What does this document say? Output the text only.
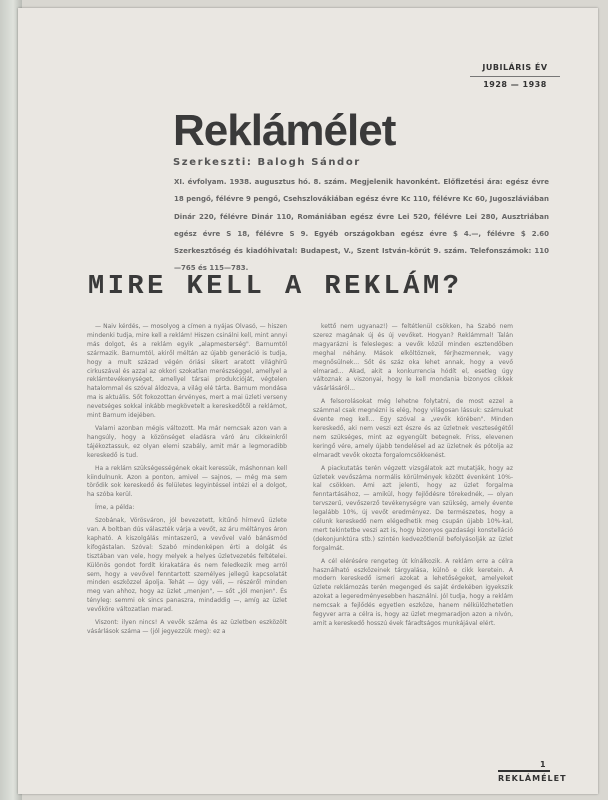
JUBILÁRIS ÉV
1928 — 1938
Reklámélet
Szerkeszti: Balogh Sándor
XI. évfolyam. 1938. augusztus hó. 8. szám. Megjelenik havonként. Előfizetési ára: egész évre 18 pengő, félévre 9 pengő, Csehszlovákiában egész évre Kc 110, félévre Kc 60, Jugoszláviában Dinár 220, félévre Dinár 110, Romániában egész évre Lei 520, félévre Lei 280, Ausztriában egész évre S 18, félévre S 9. Egyéb országokban egész évre $ 4.—, félévre $ 2.60 Szerkesztőség és kiadóhivatal: Budapest, V., Szent István-körút 9. szám. Telefonszámok: 110—765 és 115—783.
MIRE KELL A REKLÁM?

— Naiv kérdés, — mosolyog a címen a nyájas Olvasó, — hiszen mindenki tudja, mire kell a reklám! Hiszen csinálni kell, mint annyi más dolgot, és a reklám egyik „alapmesterség". Barnumtól származik. Barnumtól, akiről méltán az újabb generáció is tudja, hogy a mult század végén óriási sikert aratott világhírű cirkuszával és azzal az okkori szokatlan merészséggel, amellyel a reklámtevékenységet, amellyel társai produkcióját, végtelen hatalommal és szóval áldozva, a világ elé tárta. Barnum mondása ma is aktuális. Sőt fokozottan érvényes, mert a mai üzleti verseny nevetséges sokkal inkább megkövetelt a kereskedőtől a reklámot, mint Barnum idejében.

Valami azonban mégis változott. Ma már nemcsak azon van a hangsúly, hogy a közönséget eladásra váró áru cikkeinkről tájékoztassuk, ez olyan elemi szabály, amit már a legmoradibb kereskedő is tud.

Ha a reklám szükségességének okait keressük, máshonnan kell kiindulnunk. Azon a ponton, amivel — sajnos, — még ma sem törődik sok kereskedő és felületes legyintéssel intézi el a dolgot, ha szóba kerül.

Íme, a példa:

Szobának, Vörösváron, jól bevezetett, kitűnő hírnevű üzlete van. A boltban dús választék várja a vevőt, az áru méltányos áron kapható. A kiszolgálás mintaszerű, a vevővel való bánásmód kifogástalan. Szóval: Szabó mindenképen érti a dolgát és tisztában van vele, hogy melyek a helyes üzletvezetés feltételei. Különös gondot fordít kirakatára és nem feledkezik meg arról sem, hogy a vevővel fenntartott személyes jellegű kapcsolatát minden eszközzel ápolja. Tehát — úgy véli, — részéről minden meg van ahhoz, hogy az üzlet „menjen", — sőt „jól menjen". És tényleg: semmi ok sincs panaszra, mindaddig —, amíg az üzlet vevőköre változatlan marad.

Viszont: ilyen nincs! A vevők száma és az üzletben eszközölt vásárlások száma — (jól jegyezzük meg): ez a

kettő nem ugyanaz!) — feltétlenül csökken, ha Szabó nem szerez magának új és új vevőket. Hogyan? Reklámmal! Talán magyarázni is felesleges: a vevők közül minden esztendőben meghal néhány. Mások elköltöznek, férjhezmennek, vagy megnősülnek... Sőt és száz oka lehet annak, hogy a vevő elmarad... Akad, akit a konkurrencia hódít el, esetleg úgy változnak a viszonyai, hogy le kell mondania bizonyos cikkek vásárlásáról...

A felsorolásokat még lehetne folytatni, de most ezzel a számmal csak megnézni is elég, hogy világosan lássuk: számukat évente meg kell... Egy szóval a „vevők körében". Minden kereskedő, aki nem veszi ezt észre és az üzletnek veszteségétől nem szükséges, mint az egyengült betegnek. Friss, elevenen keringő vére, amely újabb tendelésel ad az üzletnek és pótolja az elmaradt vevők okozta forgalomcsökkenést.

A piackutatás terén végzett vizsgálatok azt mutatják, hogy az üzletek vevőszáma normális körülmények között évenként 10%-kal csökken. Ami azt jelenti, hogy az üzlet forgalma fenntartásához, — amikül, hogy fejlődésre törekednék, — olyan tervszerű, vevőszerző tevékenységre van szükség, amely évente legalább 10%, új vevőt eredményez. De természetes, hogy a célunk kereskedő nem elégedhetik meg csupán újabb 10%-kal, mert tekintetbe veszi azt is, hogy bizonyos gazdasági konstelláció (dekonjunktúra stb.) szintén kedvezőtlenül befolyásolják az üzlet forgalmát.

A cél elérésére rengeteg út kínálkozik. A reklám erre a célra használható eszközeinek tárgyalása, külnö e cikk keretein. A modern kereskedő ismeri azokat a lehetőségeket, amelyeket üzlete reklámozás terén megenged és saját érdekében igyekszik azokat a legeredményesebben használni. Jól tudja, hogy a reklám nemcsak a fejlődés egyetlen eszköze, hanem nélkülözhetetlen fegyver arra a célra is, hogy az üzlet megmaradjon azon a nívón, amit a kereskedő hosszú évek fáradtságos munkájával elért.

1
REKLÁMÉLET
